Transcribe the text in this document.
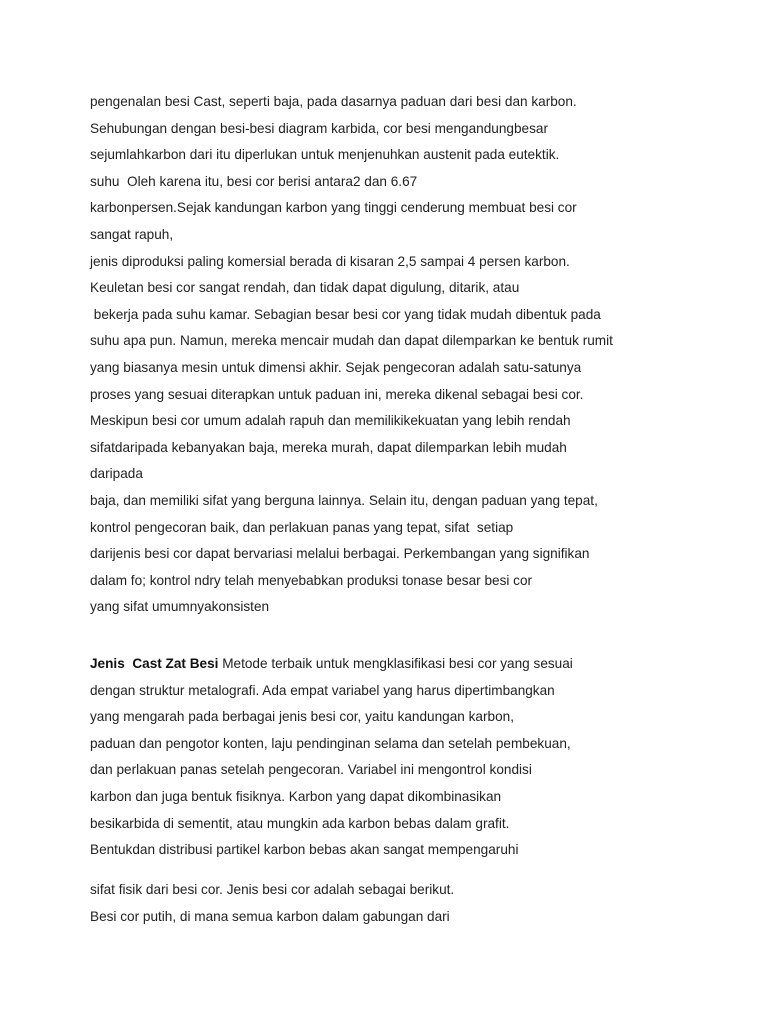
pengenalan besi Cast, seperti baja, pada dasarnya paduan dari besi dan karbon.
Sehubungan dengan besi-besi diagram karbida, cor besi mengandungbesar
sejumlahkarbon dari itu diperlukan untuk menjenuhkan austenit pada eutektik.
suhu  Oleh karena itu, besi cor berisi antara2 dan 6.67
karbonpersen.Sejak kandungan karbon yang tinggi cenderung membuat besi cor
sangat rapuh,
jenis diproduksi paling komersial berada di kisaran 2,5 sampai 4 persen karbon.
Keuletan besi cor sangat rendah, dan tidak dapat digulung, ditarik, atau
bekerja pada suhu kamar. Sebagian besar besi cor yang tidak mudah dibentuk pada
suhu apa pun. Namun, mereka mencair mudah dan dapat dilemparkan ke bentuk rumit
yang biasanya mesin untuk dimensi akhir. Sejak pengecoran adalah satu-satunya
proses yang sesuai diterapkan untuk paduan ini, mereka dikenal sebagai besi cor.
Meskipun besi cor umum adalah rapuh dan memilikikekuatan yang lebih rendah
sifatdaripada kebanyakan baja, mereka murah, dapat dilemparkan lebih mudah
daripada
baja, dan memiliki sifat yang berguna lainnya. Selain itu, dengan paduan yang tepat,
kontrol pengecoran baik, dan perlakuan panas yang tepat, sifat  setiap
darijenis besi cor dapat bervariasi melalui berbagai. Perkembangan yang signifikan
dalam fo; kontrol ndry telah menyebabkan produksi tonase besar besi cor
yang sifat umumnyakonsisten
Jenis  Cast Zat Besi Metode terbaik untuk mengklasifikasi besi cor yang sesuai
dengan struktur metalografi. Ada empat variabel yang harus dipertimbangkan
yang mengarah pada berbagai jenis besi cor, yaitu kandungan karbon,
paduan dan pengotor konten, laju pendinginan selama dan setelah pembekuan,
dan perlakuan panas setelah pengecoran. Variabel ini mengontrol kondisi
karbon dan juga bentuk fisiknya. Karbon yang dapat dikombinasikan
besikarbida di sementit, atau mungkin ada karbon bebas dalam grafit.
Bentukdan distribusi partikel karbon bebas akan sangat mempengaruhi
sifat fisik dari besi cor. Jenis besi cor adalah sebagai berikut.
Besi cor putih, di mana semua karbon dalam gabungan dari
